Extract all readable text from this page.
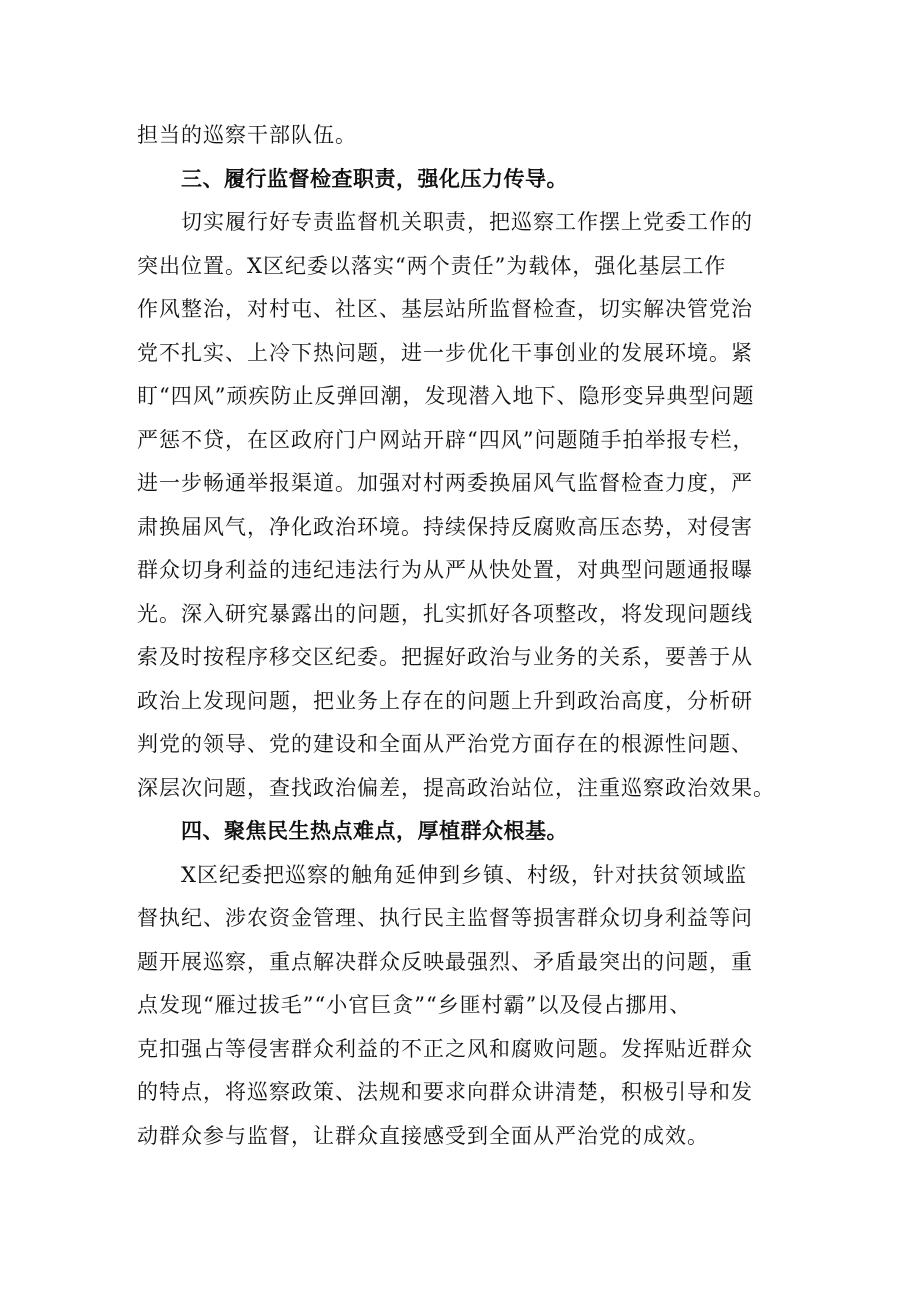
担当的巡察干部队伍。
三、履行监督检查职责，强化压力传导。
切实履行好专责监督机关职责，把巡察工作摆上党委工作的
突出位置。X区纪委以落实“两个责任”为载体，强化基层工作
作风整治，对村屯、社区、基层站所监督检查，切实解决管党治
党不扎实、上冷下热问题，进一步优化干事创业的发展环境。紧
盯“四风”顽疾防止反弹回潮，发现潜入地下、隐形变异典型问题
严惩不贷，在区政府门户网站开辟“四风”问题随手拍举报专栏，
进一步畅通举报渠道。加强对村两委换届风气监督检查力度，严
肃换届风气，净化政治环境。持续保持反腐败高压态势，对侵害
群众切身利益的违纪违法行为从严从快处置，对典型问题通报曝
光。深入研究暴露出的问题，扎实抓好各项整改，将发现问题线
索及时按程序移交区纪委。把握好政治与业务的关系，要善于从
政治上发现问题，把业务上存在的问题上升到政治高度，分析研
判党的领导、党的建设和全面从严治党方面存在的根源性问题、
深层次问题，查找政治偏差，提高政治站位，注重巡察政治效果。
四、聚焦民生热点难点，厚植群众根基。
X区纪委把巡察的触角延伸到乡镇、村级，针对扶贫领域监
督执纪、涉农资金管理、执行民主监督等损害群众切身利益等问
题开展巡察，重点解决群众反映最强烈、矛盾最突出的问题，重
点发现“雁过拔毛”“小官巨贪”“乡匪村霸”以及侵占挪用、
克扣强占等侵害群众利益的不正之风和腐败问题。发挥贴近群众
的特点，将巡察政策、法规和要求向群众讲清楚，积极引导和发
动群众参与监督，让群众直接感受到全面从严治党的成效。
